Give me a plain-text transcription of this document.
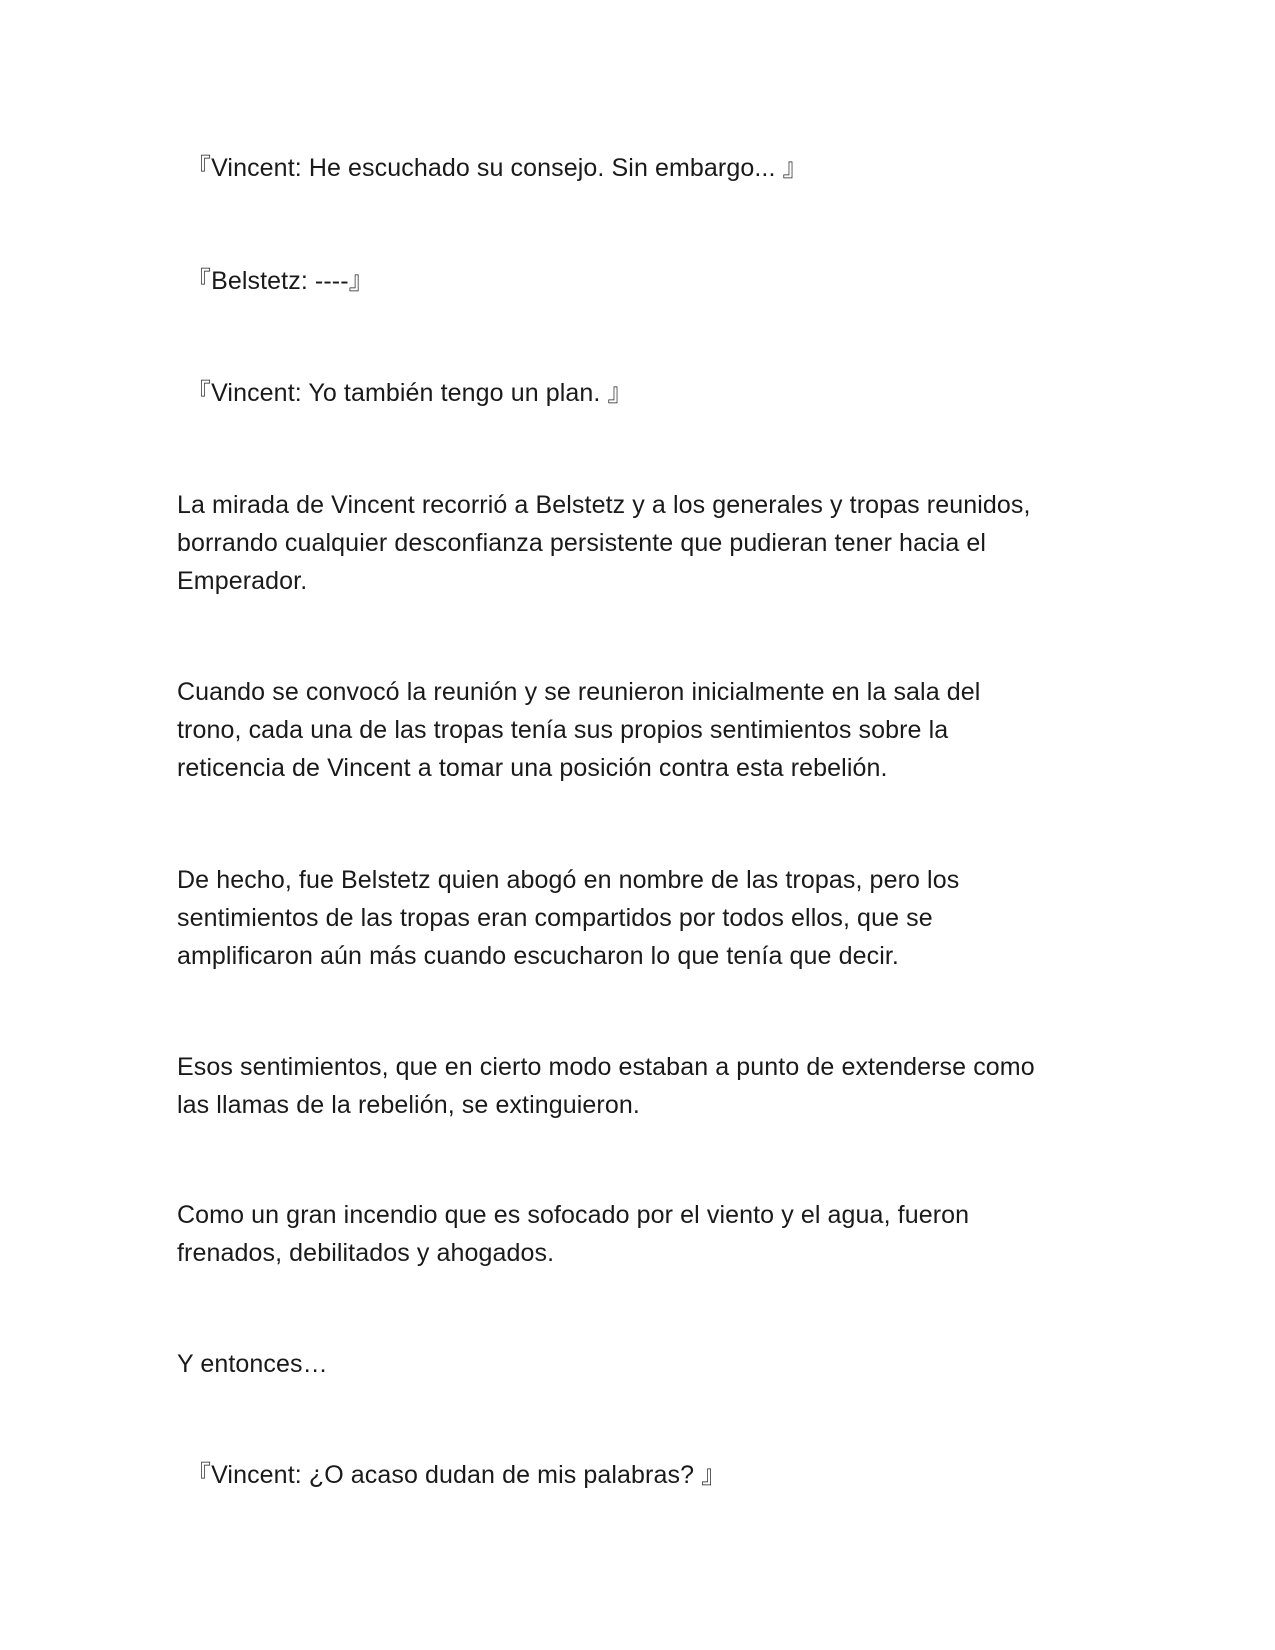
『Vincent: He escuchado su consejo. Sin embargo... 』
『Belstetz: ----』
『Vincent: Yo también tengo un plan. 』
La mirada de Vincent recorrió a Belstetz y a los generales y tropas reunidos,
borrando cualquier desconfianza persistente que pudieran tener hacia el
Emperador.
Cuando se convocó la reunión y se reunieron inicialmente en la sala del
trono, cada una de las tropas tenía sus propios sentimientos sobre la
reticencia de Vincent a tomar una posición contra esta rebelión.
De hecho, fue Belstetz quien abogó en nombre de las tropas, pero los
sentimientos de las tropas eran compartidos por todos ellos, que se
amplificaron aún más cuando escucharon lo que tenía que decir.
Esos sentimientos, que en cierto modo estaban a punto de extenderse como
las llamas de la rebelión, se extinguieron.
Como un gran incendio que es sofocado por el viento y el agua, fueron
frenados, debilitados y ahogados.
Y entonces…
『Vincent: ¿O acaso dudan de mis palabras? 』
